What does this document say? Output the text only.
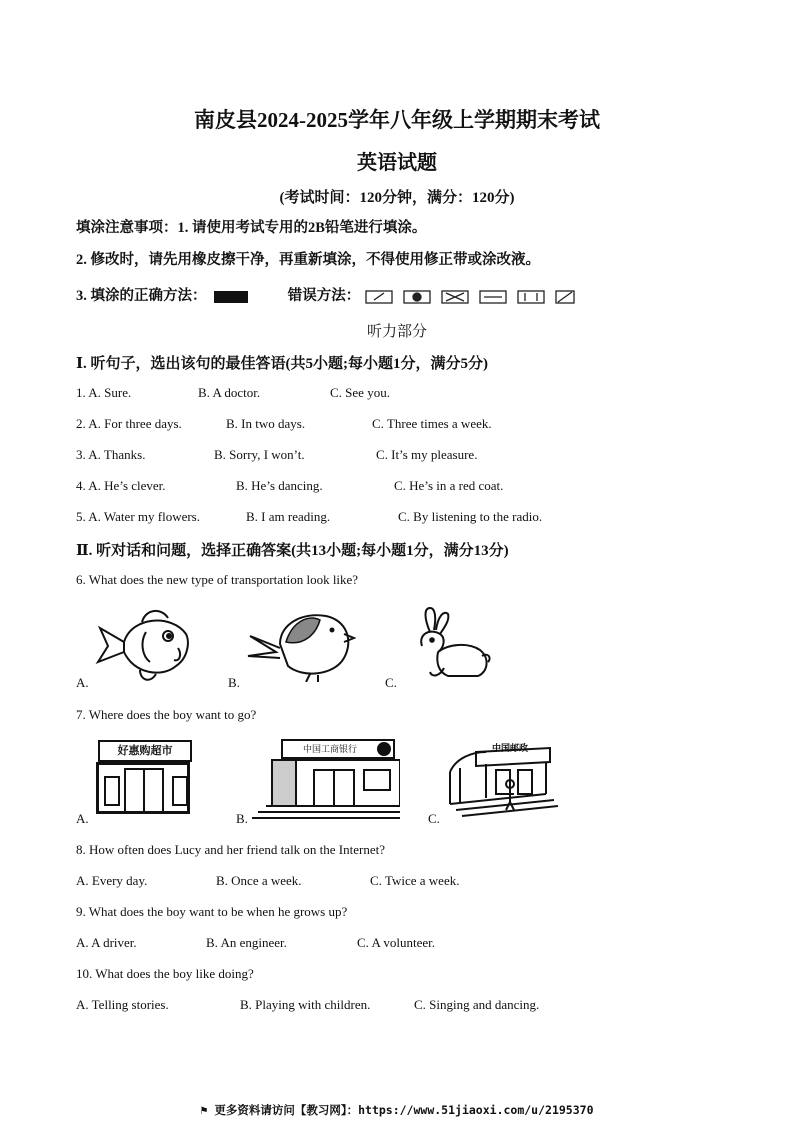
南皮县2024-2025学年八年级上学期期末考试
英语试题
(考试时间：120分钟，满分：120分)
填涂注意事项：1. 请使用考试专用的2B铅笔进行填涂。
2. 修改时，请先用橡皮擦干净，再重新填涂，不得使用修正带或涂改液。
3. 填涂的正确方法：	错误方法：
听力部分
Ⅰ. 听句子，选出该句的最佳答语(共5小题;每小题1分，满分5分)
1. A. Sure.	B. A doctor.	C. See you.
2. A. For three days.	B. In two days.	C. Three times a week.
3. A. Thanks.	B. Sorry, I won’t.	C. It’s my pleasure.
4. A. He’s clever.	B. He’s dancing.	C. He’s in a red coat.
5. A. Water my flowers.	B. I am reading.	C. By listening to the radio.
Ⅱ. 听对话和问题，选择正确答案(共13小题;每小题1分，满分13分)
6. What does the new type of transportation look like?
A.	B.	C.
7. Where does the boy want to go?
好惠购超市	中国工商银行	中国邮政
A.	B.	C.
8. How often does Lucy and her friend talk on the Internet?
A. Every day.	B. Once a week.	C. Twice a week.
9. What does the boy want to be when he grows up?
A. A driver.	B. An engineer.	C. A volunteer.
10. What does the boy like doing?
A. Telling stories.	B. Playing with children.	C. Singing and dancing.
⚑ 更多资料请访问【教习网】：https://www.51jiaoxi.com/u/2195370
